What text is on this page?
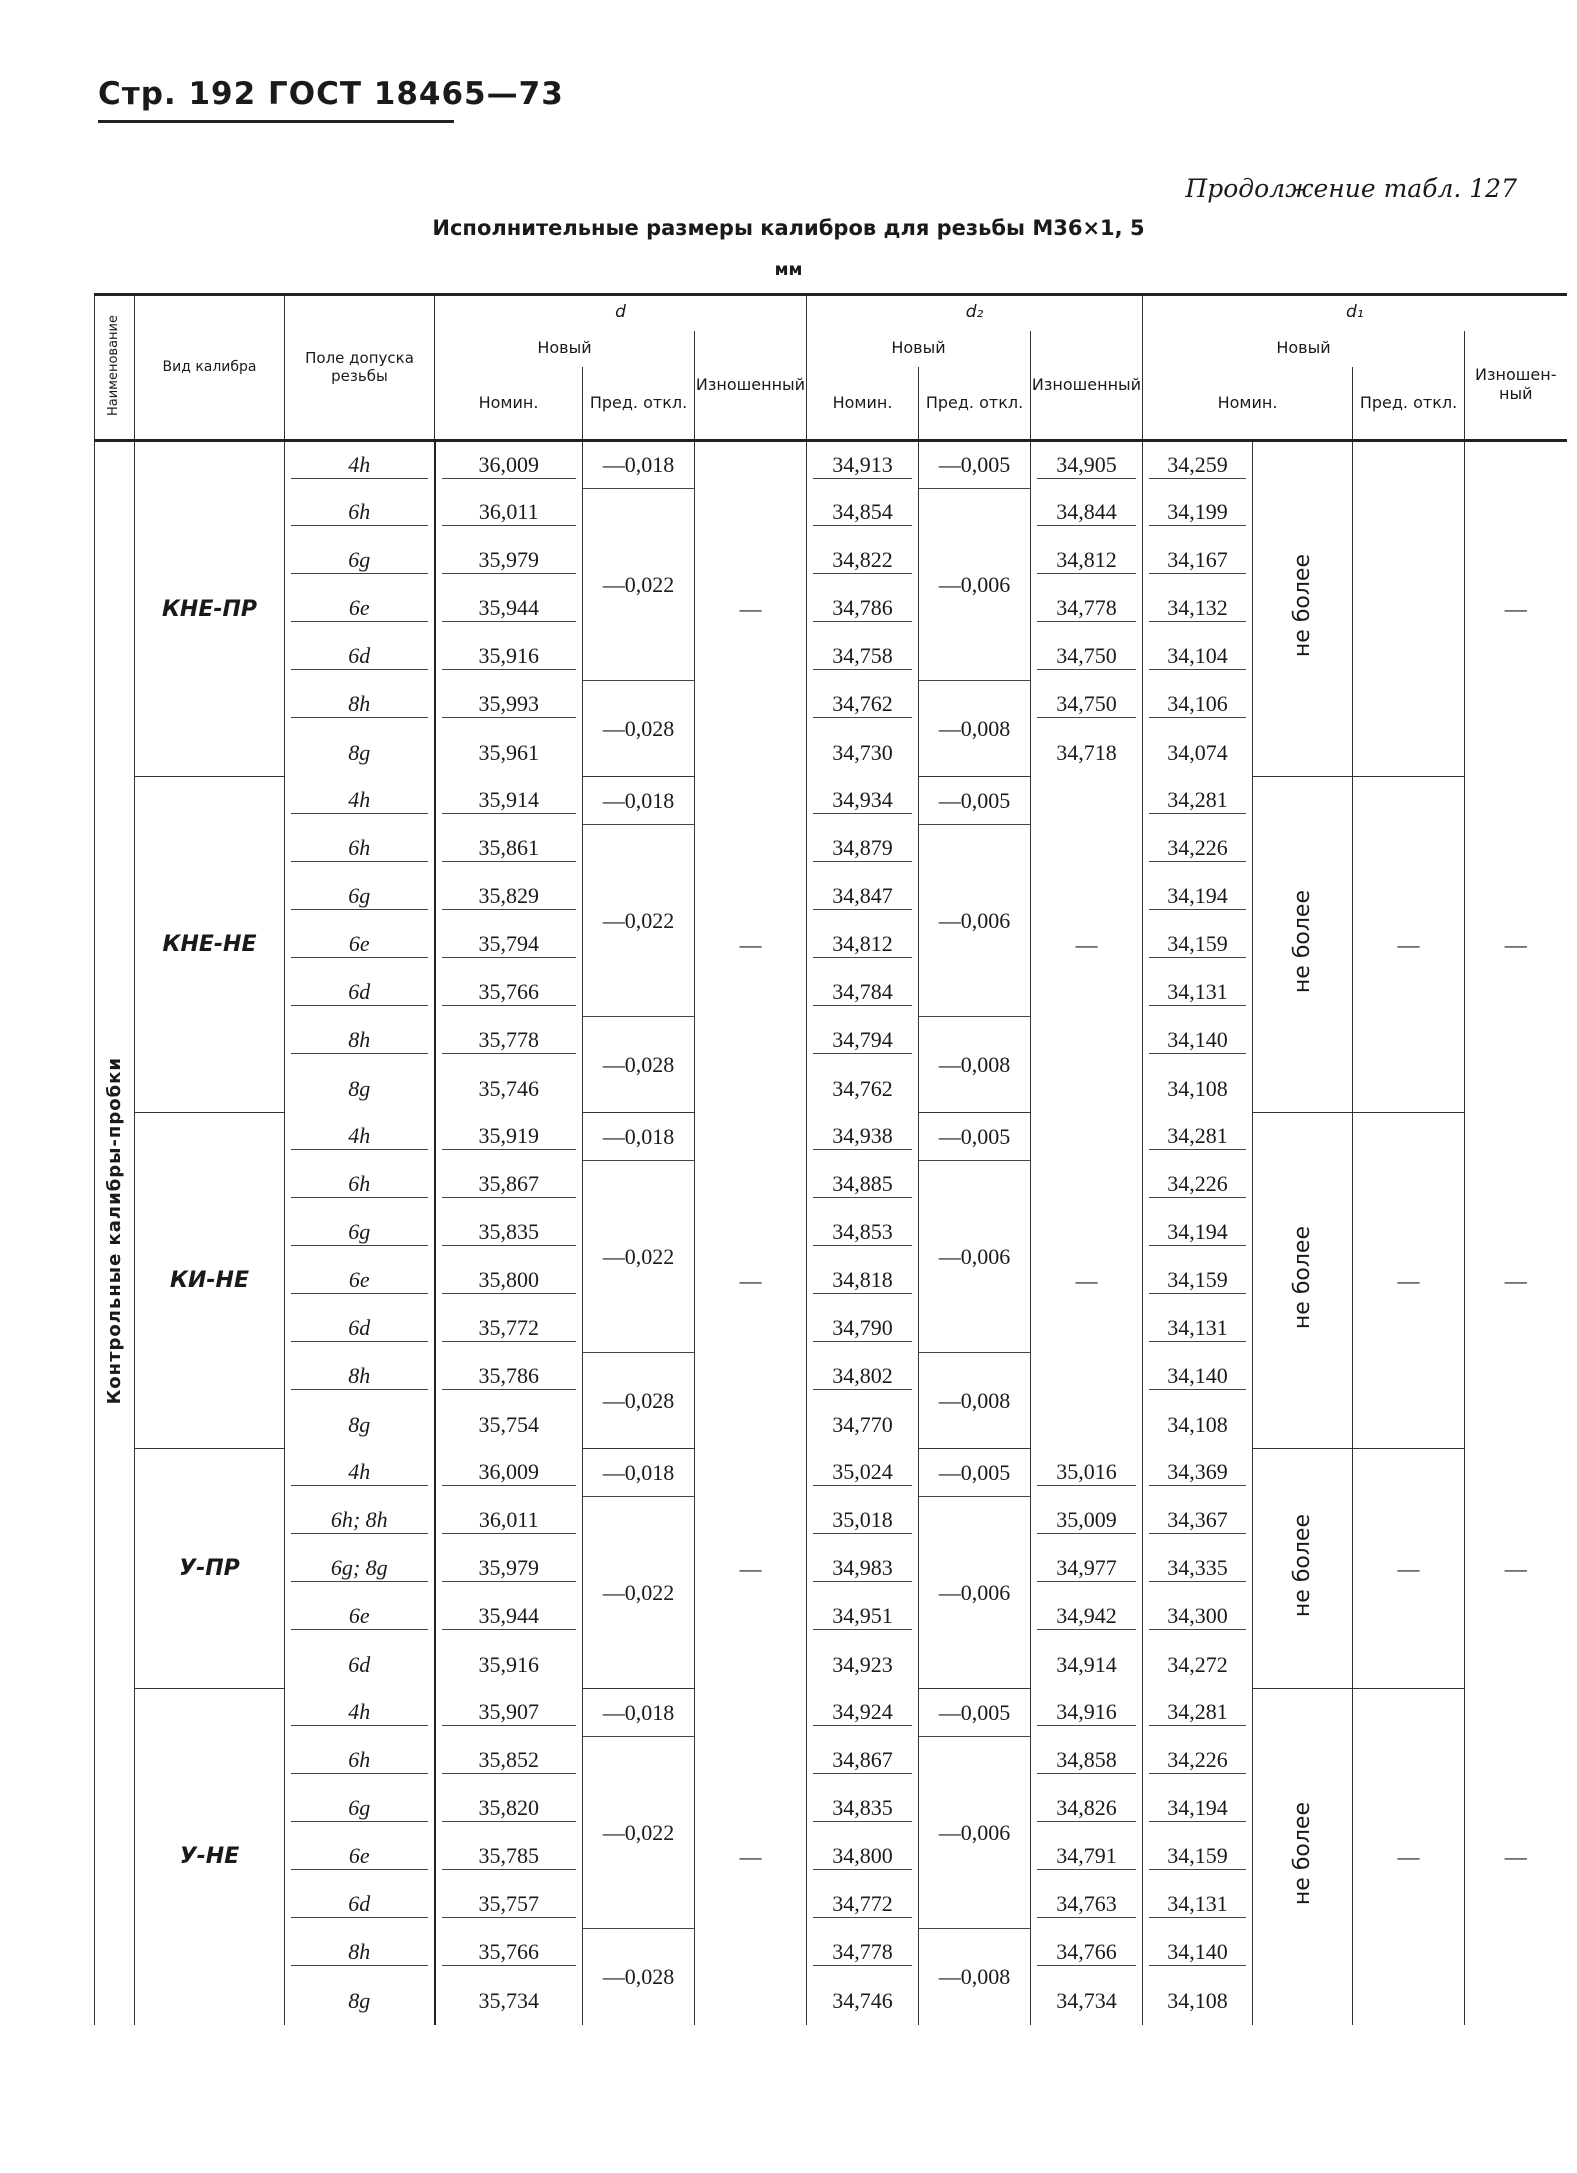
Стр. 192 ГОСТ 18465—73
Продолжение табл. 127
Исполнительные размеры калибров для резьбы М36×1, 5
мм
Наименование	Вид калибра	Поле допуска резьбы	d			d₂			d₁			
			Новый		Изношенный	Новый		Изношенный	Новый			Изношенный
			Номин.	Пред. откл.		Номин.	Пред. откл.		Номин.		Пред. откл.	
Контрольные калибры-пробки	КНЕ-ПР	4h	36,009	—0,018	—	34,913	—0,005	34,905	34,259	не более		—

		6h	36,011	—0,022		34,854	—0,006	34,844	34,199			

		6g	35,979			34,822		34,812	34,167			

		6e	35,944			34,786		34,778	34,132			

		6d	35,916			34,758		34,750	34,104			

		8h	35,993	—0,028		34,762	—0,008	34,750	34,106			

		8g	35,961			34,730		34,718	34,074			

	КНЕ-НЕ	4h	35,914	—0,018	—	34,934	—0,005	—	34,281	не более	—	—

		6h	35,861	—0,022		34,879	—0,006		34,226			

		6g	35,829			34,847			34,194			

		6e	35,794			34,812			34,159			

		6d	35,766			34,784			34,131			

		8h	35,778	—0,028		34,794	—0,008		34,140			

		8g	35,746			34,762			34,108			

	КИ-НЕ	4h	35,919	—0,018	—	34,938	—0,005	—	34,281	не более	—	—

		6h	35,867	—0,022		34,885	—0,006		34,226			

		6g	35,835			34,853			34,194			

		6e	35,800			34,818			34,159			

		6d	35,772			34,790			34,131			

		8h	35,786	—0,028		34,802	—0,008		34,140			

		8g	35,754			34,770			34,108			

	У-ПР	4h	36,009	—0,018	—	35,024	—0,005	35,016	34,369	не более	—	—

		6h; 8h	36,011	—0,022		35,018	—0,006	35,009	34,367			

		6g; 8g	35,979			34,983		34,977	34,335			

		6e	35,944			34,951		34,942	34,300			

		6d	35,916			34,923		34,914	34,272			

	У-НЕ	4h	35,907	—0,018	—	34,924	—0,005	34,916	34,281	не более	—	—

		6h	35,852	—0,022		34,867	—0,006	34,858	34,226			

		6g	35,820			34,835		34,826	34,194			

		6e	35,785			34,800		34,791	34,159			

		6d	35,757			34,772		34,763	34,131			

		8h	35,766	—0,028		34,778	—0,008	34,766	34,140			

		8g	35,734			34,746		34,734	34,108			
